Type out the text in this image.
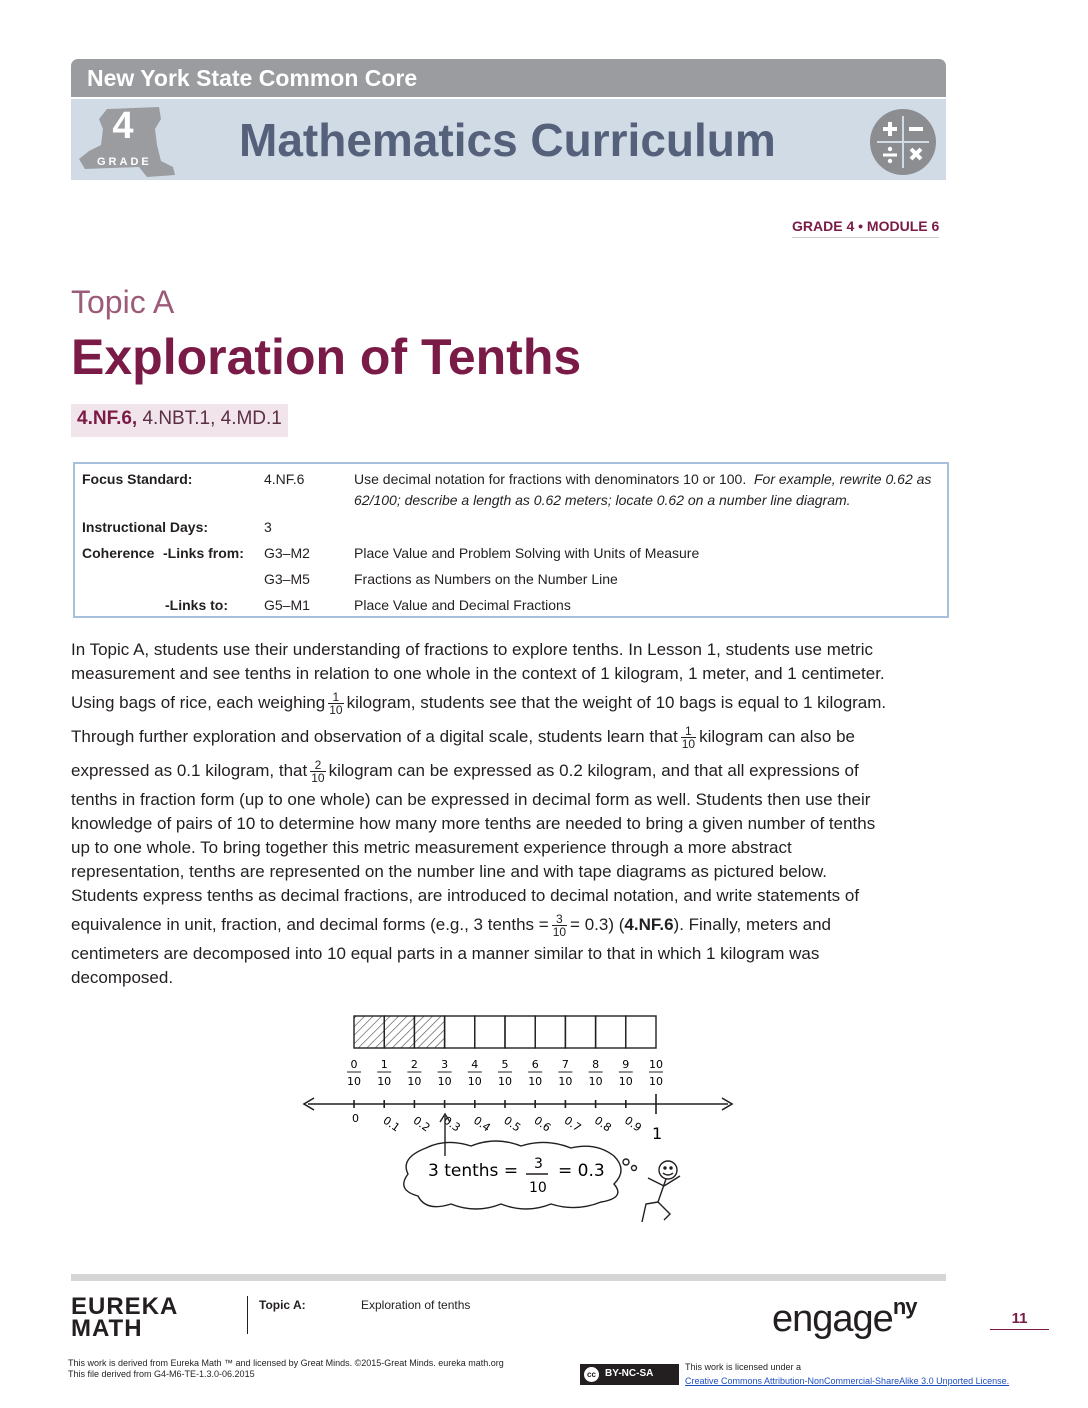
New York State Common Core
4
GRADE Mathematics Curriculum
GRADE 4 • MODULE 6
Topic A
Exploration of Tenths
4.NF.6, 4.NBT.1, 4.MD.1
Focus Standard:	4.NF.6	Use decimal notation for fractions with denominators 10 or 100. For example, rewrite 0.62 as 62/100; describe a length as 0.62 meters; locate 0.62 on a number line diagram.
Instructional Days:	3
Coherence -Links from: G3–M2	Place Value and Problem Solving with Units of Measure
G3–M5	Fractions as Numbers on the Number Line
-Links to:	G5–M1	Place Value and Decimal Fractions
In Topic A, students use their understanding of fractions to explore tenths. In Lesson 1, students use metric
measurement and see tenths in relation to one whole in the context of 1 kilogram, 1 meter, and 1 centimeter.
Using bags of rice, each weighing $\frac{1}{10}$ kilogram, students see that the weight of 10 bags is equal to 1 kilogram.
Through further exploration and observation of a digital scale, students learn that $\frac{1}{10}$ kilogram can also be
expressed as 0.1 kilogram, that $\frac{2}{10}$ kilogram can be expressed as 0.2 kilogram, and that all expressions of
tenths in fraction form (up to one whole) can be expressed in decimal form as well. Students then use their
knowledge of pairs of 10 to determine how many more tenths are needed to bring a given number of tenths
up to one whole. To bring together this metric measurement experience through a more abstract
representation, tenths are represented on the number line and with tape diagrams as pictured below.
Students express tenths as decimal fractions, are introduced to decimal notation, and write statements of
equivalence in unit, fraction, and decimal forms (e.g., 3 tenths = $\frac{3}{10} = 0.3$) (4.NF.6). Finally, meters and
centimeters are decomposed into 10 equal parts in a manner similar to that in which 1 kilogram was
decomposed.
0
10
1
10
2
10
3
10
4
10
5
10
6
10
7
10
8
10
9
10
10
10
0 0.1 0.2 0.3 0.4 0.5 0.6 0.7 0.8 0.9 1
3 tenths = 3
10
= 0.3
EUREKA
MATH
Topic A:	Exploration of tenths	engage$^{ny}$	11
This work is derived from Eureka Math ™ and licensed by Great Minds. ©2015-Great Minds. eureka math.org
This file derived from G4-M6-TE-1.3.0-06.2015	cc BY-NC-SA
This work is licensed under a
Creative Commons Attribution-NonCommercial-ShareAlike 3.0 Unported License.
